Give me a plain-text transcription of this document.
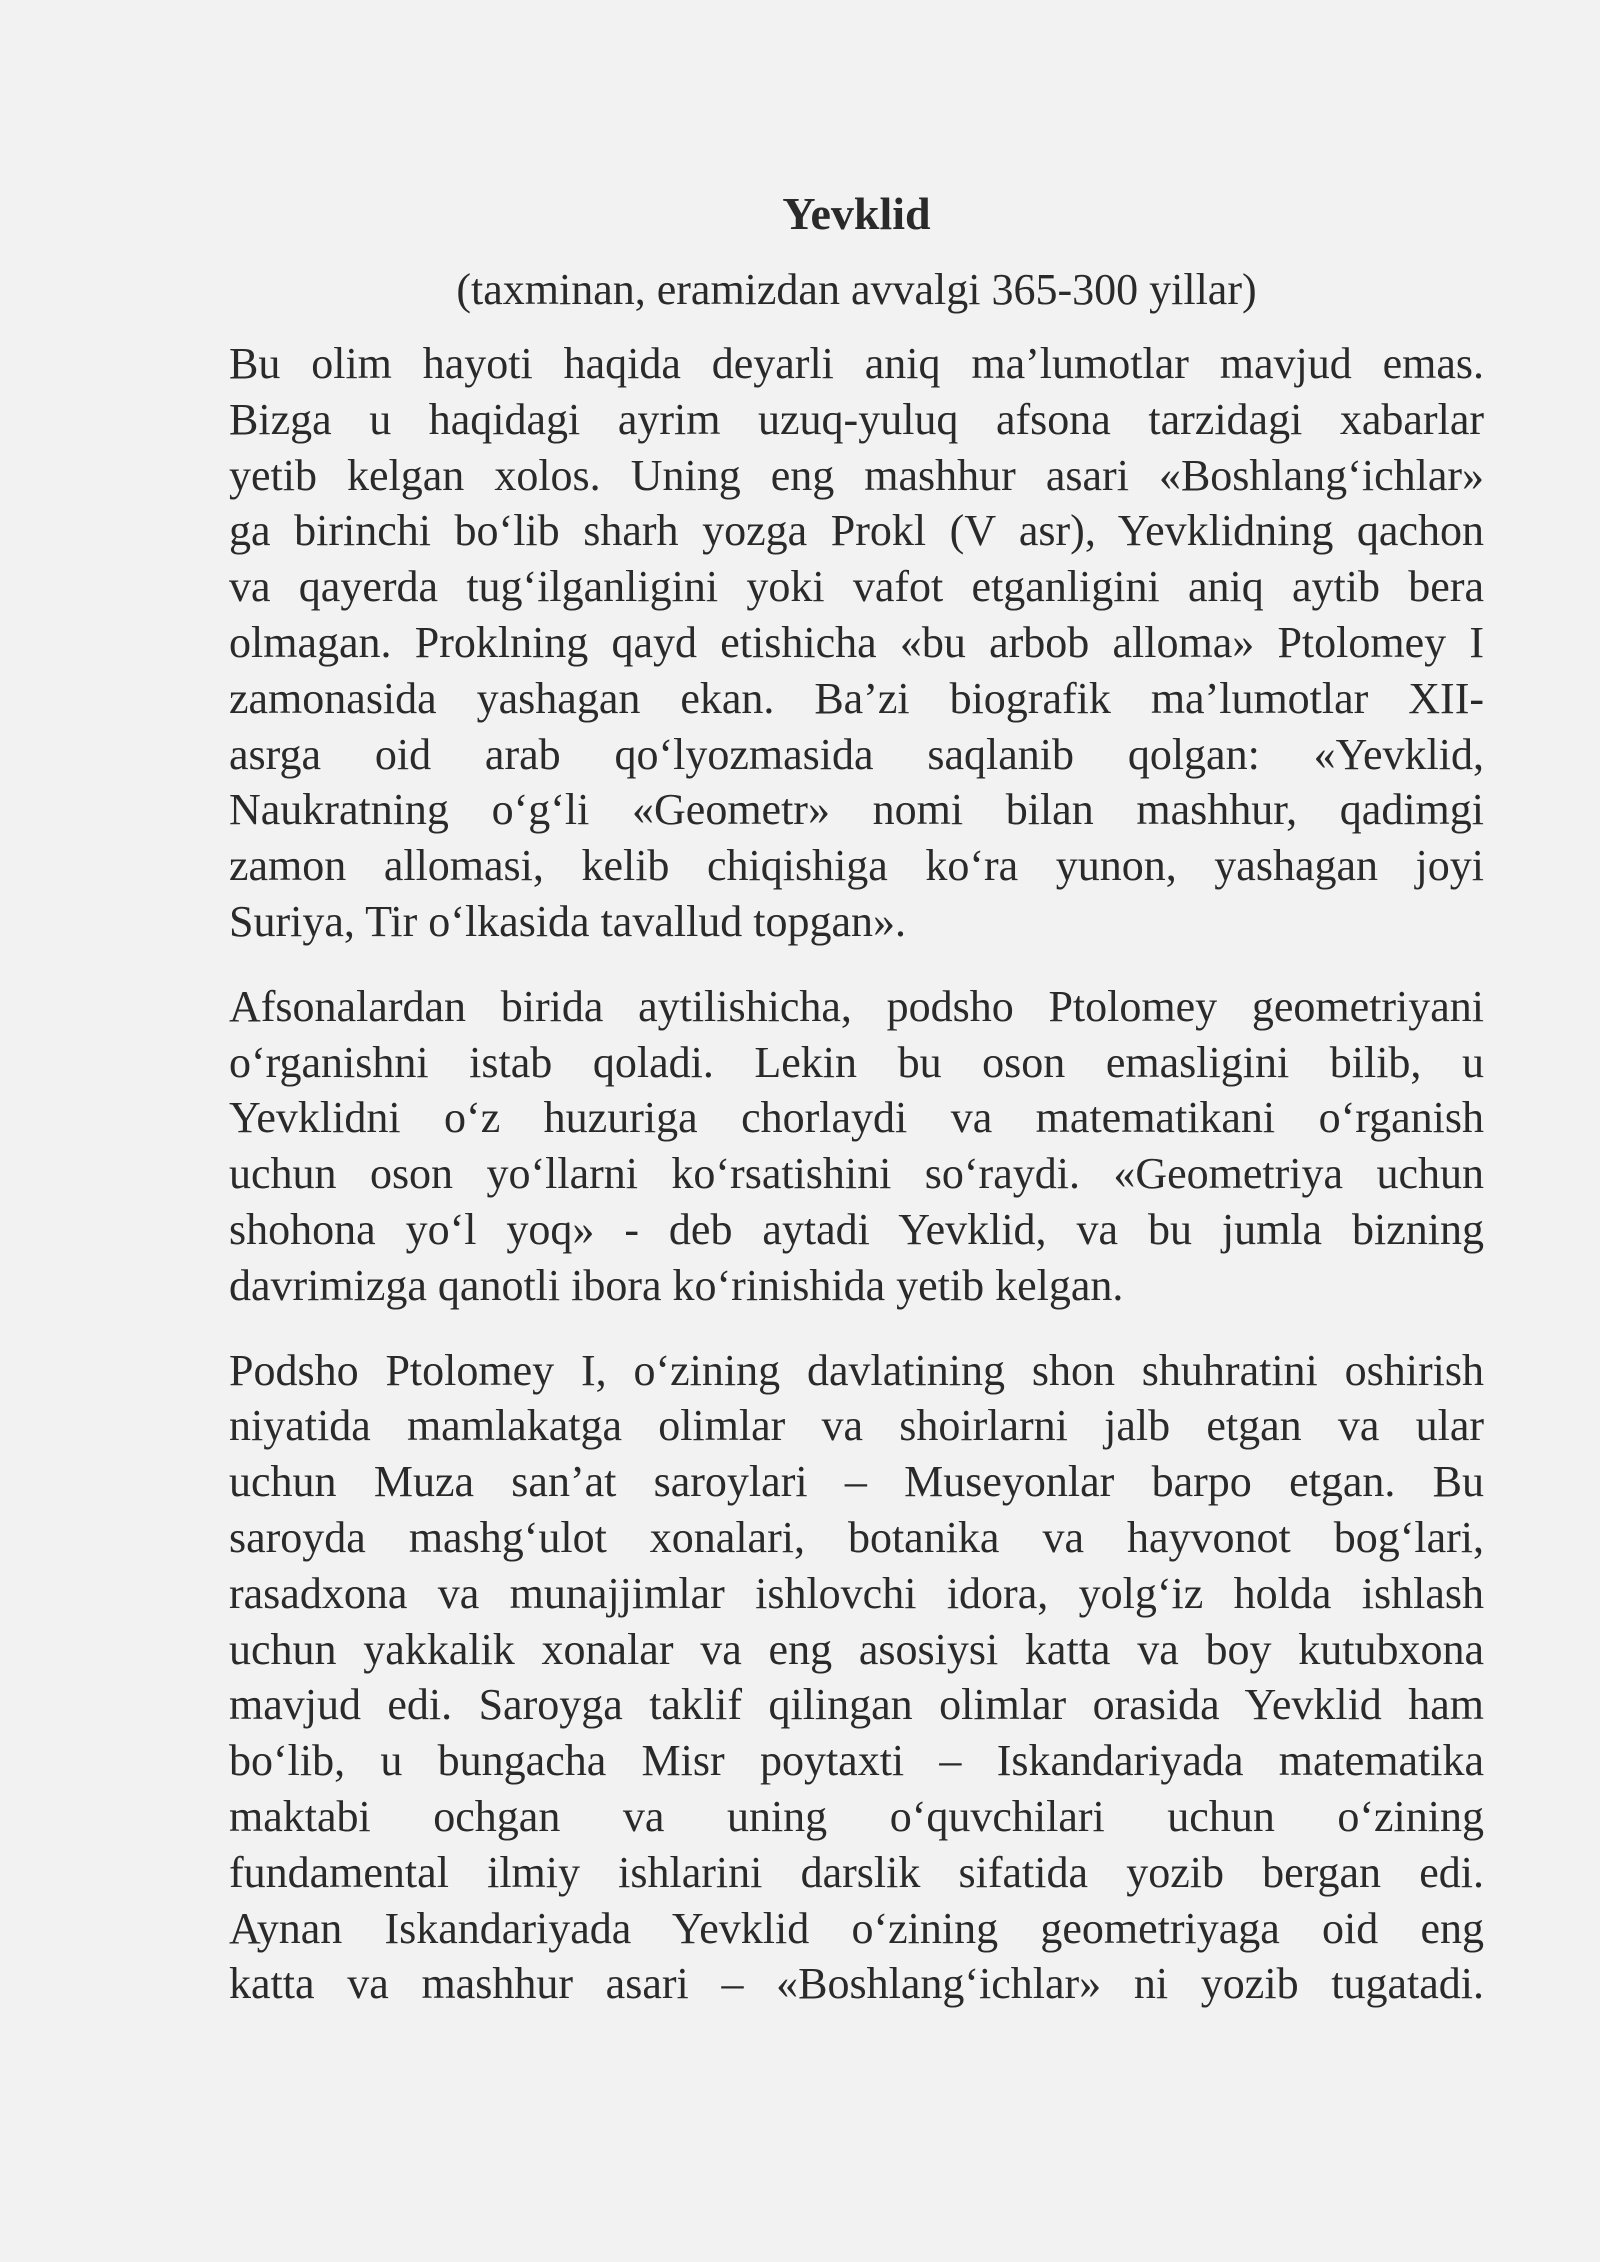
Yevklid
(taxminan, eramizdan avvalgi 365-300 yillar)
Bu olim hayoti haqida deyarli aniq ma’lumotlar mavjud emas.
Bizga u haqidagi ayrim uzuq-yuluq afsona tarzidagi xabarlar
yetib kelgan xolos. Uning eng mashhur asari «Boshlang‘ichlar»
ga birinchi bo‘lib sharh yozga Prokl (V asr), Yevklidning qachon
va qayerda tug‘ilganligini yoki vafot etganligini aniq aytib bera
olmagan. Proklning qayd etishicha «bu arbob alloma» Ptolomey I
zamonasida yashagan ekan. Ba’zi biografik ma’lumotlar XII-
asrga oid arab qo‘lyozmasida saqlanib qolgan: «Yevklid,
Naukratning o‘g‘li «Geometr» nomi bilan mashhur, qadimgi
zamon allomasi, kelib chiqishiga ko‘ra yunon, yashagan joyi
Suriya, Tir o‘lkasida tavallud topgan».
Afsonalardan birida aytilishicha, podsho Ptolomey geometriyani
o‘rganishni istab qoladi. Lekin bu oson emasligini bilib, u
Yevklidni o‘z huzuriga chorlaydi va matematikani o‘rganish
uchun oson yo‘llarni ko‘rsatishini so‘raydi. «Geometriya uchun
shohona yo‘l yoq» - deb aytadi Yevklid, va bu jumla bizning
davrimizga qanotli ibora ko‘rinishida yetib kelgan.
Podsho Ptolomey I, o‘zining davlatining shon shuhratini oshirish
niyatida mamlakatga olimlar va shoirlarni jalb etgan va ular
uchun Muza san’at saroylari – Museyonlar barpo etgan. Bu
saroyda mashg‘ulot xonalari, botanika va hayvonot bog‘lari,
rasadxona va munajjimlar ishlovchi idora, yolg‘iz holda ishlash
uchun yakkalik xonalar va eng asosiysi katta va boy kutubxona
mavjud edi. Saroyga taklif qilingan olimlar orasida Yevklid ham
bo‘lib, u bungacha Misr poytaxti – Iskandariyada matematika
maktabi ochgan va uning o‘quvchilari uchun o‘zining
fundamental ilmiy ishlarini darslik sifatida yozib bergan edi.
Aynan Iskandariyada Yevklid o‘zining geometriyaga oid eng
katta va mashhur asari – «Boshlang‘ichlar» ni yozib tugatadi.
